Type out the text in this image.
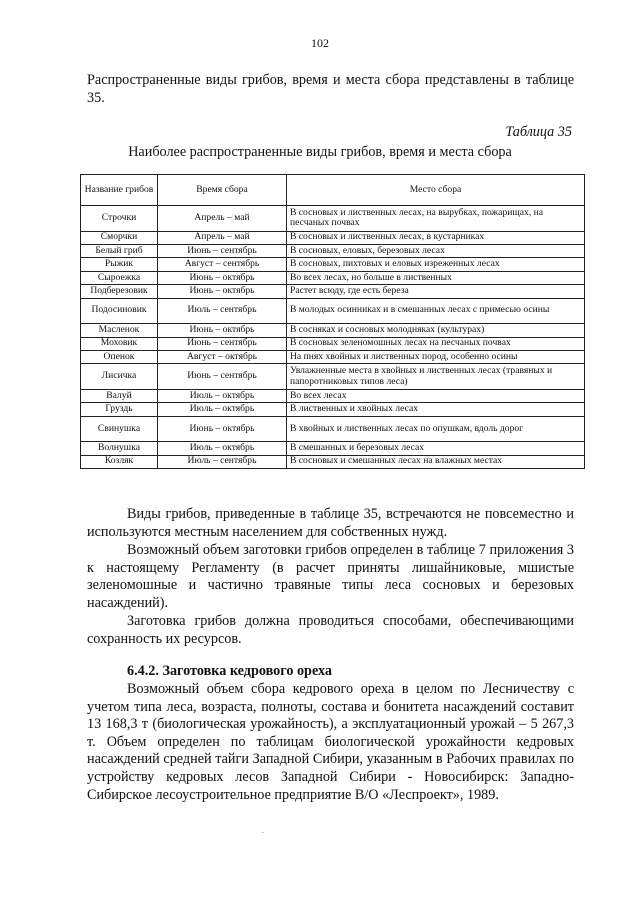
102
Распространенные виды грибов, время и места сбора представлены в таблице 35.
Таблица 35
Наиболее распространенные виды грибов, время и места сбора
Название грибов	Время сбора	Место сбора
Строчки	Апрель – май	В сосновых и лиственных лесах, на вырубках, пожарищах, на песчаных почвах
Сморчки	Апрель – май	В сосновых и лиственных лесах, в кустарниках
Белый гриб	Июнь – сентябрь	В сосновых, еловых, березовых лесах
Рыжик	Август – сентябрь	В сосновых, пихтовых и еловых изреженных лесах
Сыроежка	Июнь – октябрь	Во всех лесах, но больше в лиственных
Подберезовик	Июнь – октябрь	Растет всюду, где есть береза
Подосиновик	Июль – сентябрь	В молодых осинниках и в смешанных лесах с примесью осины
Масленок	Июнь – октябрь	В сосняках и сосновых молодняках (культурах)
Моховик	Июнь – сентябрь	В сосновых зеленомошных лесах на песчаных почвах
Опенок	Август – октябрь	На пнях хвойных и лиственных пород, особенно осины
Лисичка	Июнь – сентябрь	Увлажненные места в хвойных и лиственных лесах (травяных и папоротниковых типов леса)
Валуй	Июль – октябрь	Во всех лесах
Груздь	Июль – октябрь	В лиственных и хвойных лесах
Свинушка	Июнь – октябрь	В хвойных и лиственных лесах по опушкам, вдоль дорог
Волнушка	Июль – октябрь	В смешанных и березовых лесах
Козляк	Июль – сентябрь	В сосновых и смешанных лесах на влажных местах
Виды грибов, приведенные в таблице 35, встречаются не повсеместно и используются местным населением для собственных нужд.
Возможный объем заготовки грибов определен в таблице 7 приложения 3 к настоящему Регламенту (в расчет приняты лишайниковые, мшистые зеленомошные и частично травяные типы леса сосновых и березовых насаждений).
Заготовка грибов должна проводиться способами, обеспечивающими сохранность их ресурсов.
6.4.2. Заготовка кедрового ореха
Возможный объем сбора кедрового ореха в целом по Лесничеству с учетом типа леса, возраста, полноты, состава и бонитета насаждений составит 13 168,3 т (биологическая урожайность), а эксплуатационный урожай – 5 267,3 т. Объем определен по таблицам биологической урожайности кедровых насаждений средней тайги Западной Сибири, указанным в Рабочих правилах по устройству кедровых лесов Западной Сибири - Новосибирск: Западно-Сибирское лесоустроительное предприятие В/О «Леспроект», 1989.
.
